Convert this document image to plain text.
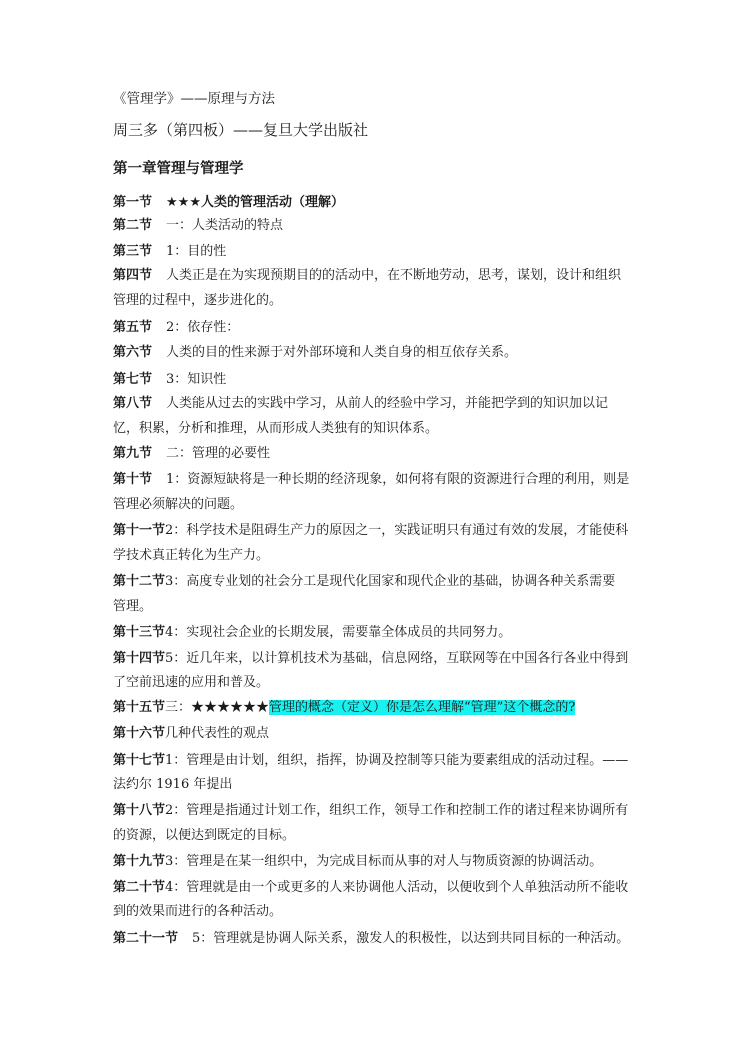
《管理学》——原理与方法
周三多（第四板）——复旦大学出版社
第一章管理与管理学
第一节 ★★★人类的管理活动（理解）
第二节 一：人类活动的特点
第三节 1：目的性
第四节 人类正是在为实现预期目的的活动中，在不断地劳动，思考，谋划，设计和组织
管理的过程中，逐步进化的。
第五节 2：依存性：
第六节 人类的目的性来源于对外部环境和人类自身的相互依存关系。
第七节 3：知识性
第八节 人类能从过去的实践中学习，从前人的经验中学习，并能把学到的知识加以记
忆，积累，分析和推理，从而形成人类独有的知识体系。
第九节 二：管理的必要性
第十节 1：资源短缺将是一种长期的经济现象，如何将有限的资源进行合理的利用，则是
管理必须解决的问题。
第十一节2：科学技术是阻碍生产力的原因之一，实践证明只有通过有效的发展，才能使科
学技术真正转化为生产力。
第十二节3：高度专业划的社会分工是现代化国家和现代企业的基础，协调各种关系需要
管理。
第十三节4：实现社会企业的长期发展，需要靠全体成员的共同努力。
第十四节5：近几年来，以计算机技术为基础，信息网络，互联网等在中国各行各业中得到
了空前迅速的应用和普及。
第十五节三：★★★★★★管理的概念（定义）你是怎么理解“管理”这个概念的?
第十六节几种代表性的观点
第十七节1：管理是由计划，组织，指挥，协调及控制等只能为要素组成的活动过程。——
法约尔 1916 年提出
第十八节2：管理是指通过计划工作，组织工作，领导工作和控制工作的诸过程来协调所有
的资源，以便达到既定的目标。
第十九节3：管理是在某一组织中，为完成目标而从事的对人与物质资源的协调活动。
第二十节4：管理就是由一个或更多的人来协调他人活动，以便收到个人单独活动所不能收
到的效果而进行的各种活动。
第二十一节 5：管理就是协调人际关系，激发人的积极性，以达到共同目标的一种活动。
